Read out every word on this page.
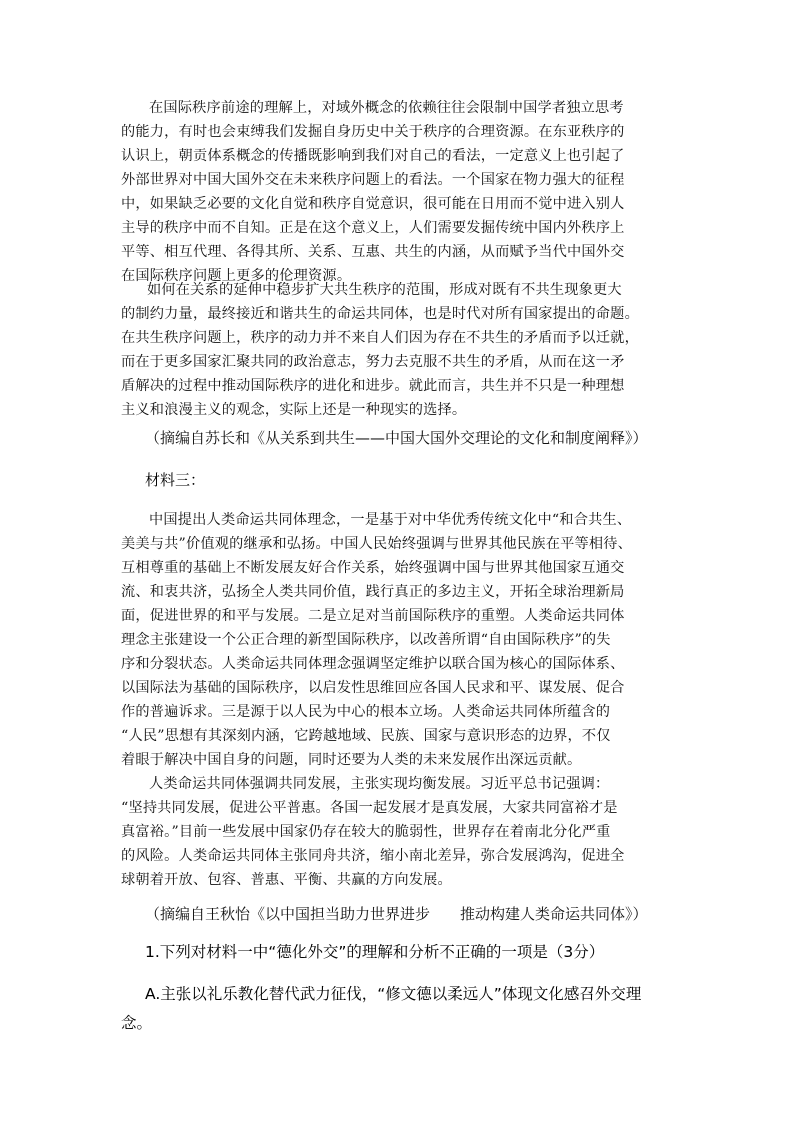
在国际秩序前途的理解上，对域外概念的依赖往往会限制中国学者独立思考
的能力，有时也会束缚我们发掘自身历史中关于秩序的合理资源。在东亚秩序的
认识上，朝贡体系概念的传播既影响到我们对自己的看法，一定意义上也引起了
外部世界对中国大国外交在未来秩序问题上的看法。一个国家在物力强大的征程
中，如果缺乏必要的文化自觉和秩序自觉意识，很可能在日用而不觉中进入别人
主导的秩序中而不自知。正是在这个意义上，人们需要发掘传统中国内外秩序上
平等、相互代理、各得其所、关系、互惠、共生的内涵，从而赋予当代中国外交
在国际秩序问题上更多的伦理资源。
如何在关系的延伸中稳步扩大共生秩序的范围，形成对既有不共生现象更大
的制约力量，最终接近和谐共生的命运共同体，也是时代对所有国家提出的命题。
在共生秩序问题上，秩序的动力并不来自人们因为存在不共生的矛盾而予以迁就，
而在于更多国家汇聚共同的政治意志，努力去克服不共生的矛盾，从而在这一矛
盾解决的过程中推动国际秩序的进化和进步。就此而言，共生并不只是一种理想
主义和浪漫主义的观念，实际上还是一种现实的选择。
（摘编自苏长和《从关系到共生——中国大国外交理论的文化和制度阐释》）
材料三：
中国提出人类命运共同体理念，一是基于对中华优秀传统文化中“和合共生、
美美与共”价值观的继承和弘扬。中国人民始终强调与世界其他民族在平等相待、
互相尊重的基础上不断发展友好合作关系，始终强调中国与世界其他国家互通交
流、和衷共济，弘扬全人类共同价值，践行真正的多边主义，开拓全球治理新局
面，促进世界的和平与发展。二是立足对当前国际秩序的重塑。人类命运共同体
理念主张建设一个公正合理的新型国际秩序，以改善所谓“自由国际秩序”的失
序和分裂状态。人类命运共同体理念强调坚定维护以联合国为核心的国际体系、
以国际法为基础的国际秩序，以启发性思维回应各国人民求和平、谋发展、促合
作的普遍诉求。三是源于以人民为中心的根本立场。人类命运共同体所蕴含的
“人民”思想有其深刻内涵，它跨越地域、民族、国家与意识形态的边界，不仅
着眼于解决中国自身的问题，同时还要为人类的未来发展作出深远贡献。
人类命运共同体强调共同发展，主张实现均衡发展。习近平总书记强调：
“坚持共同发展，促进公平普惠。各国一起发展才是真发展，大家共同富裕才是
真富裕。”目前一些发展中国家仍存在较大的脆弱性，世界存在着南北分化严重
的风险。人类命运共同体主张同舟共济，缩小南北差异，弥合发展鸿沟，促进全
球朝着开放、包容、普惠、平衡、共赢的方向发展。
（摘编自王秋怡《以中国担当助力世界进步　　推动构建人类命运共同体》）
1.下列对材料一中“德化外交”的理解和分析不正确的一项是（3分）
A.主张以礼乐教化替代武力征伐，“修文德以柔远人”体现文化感召外交理
念。
